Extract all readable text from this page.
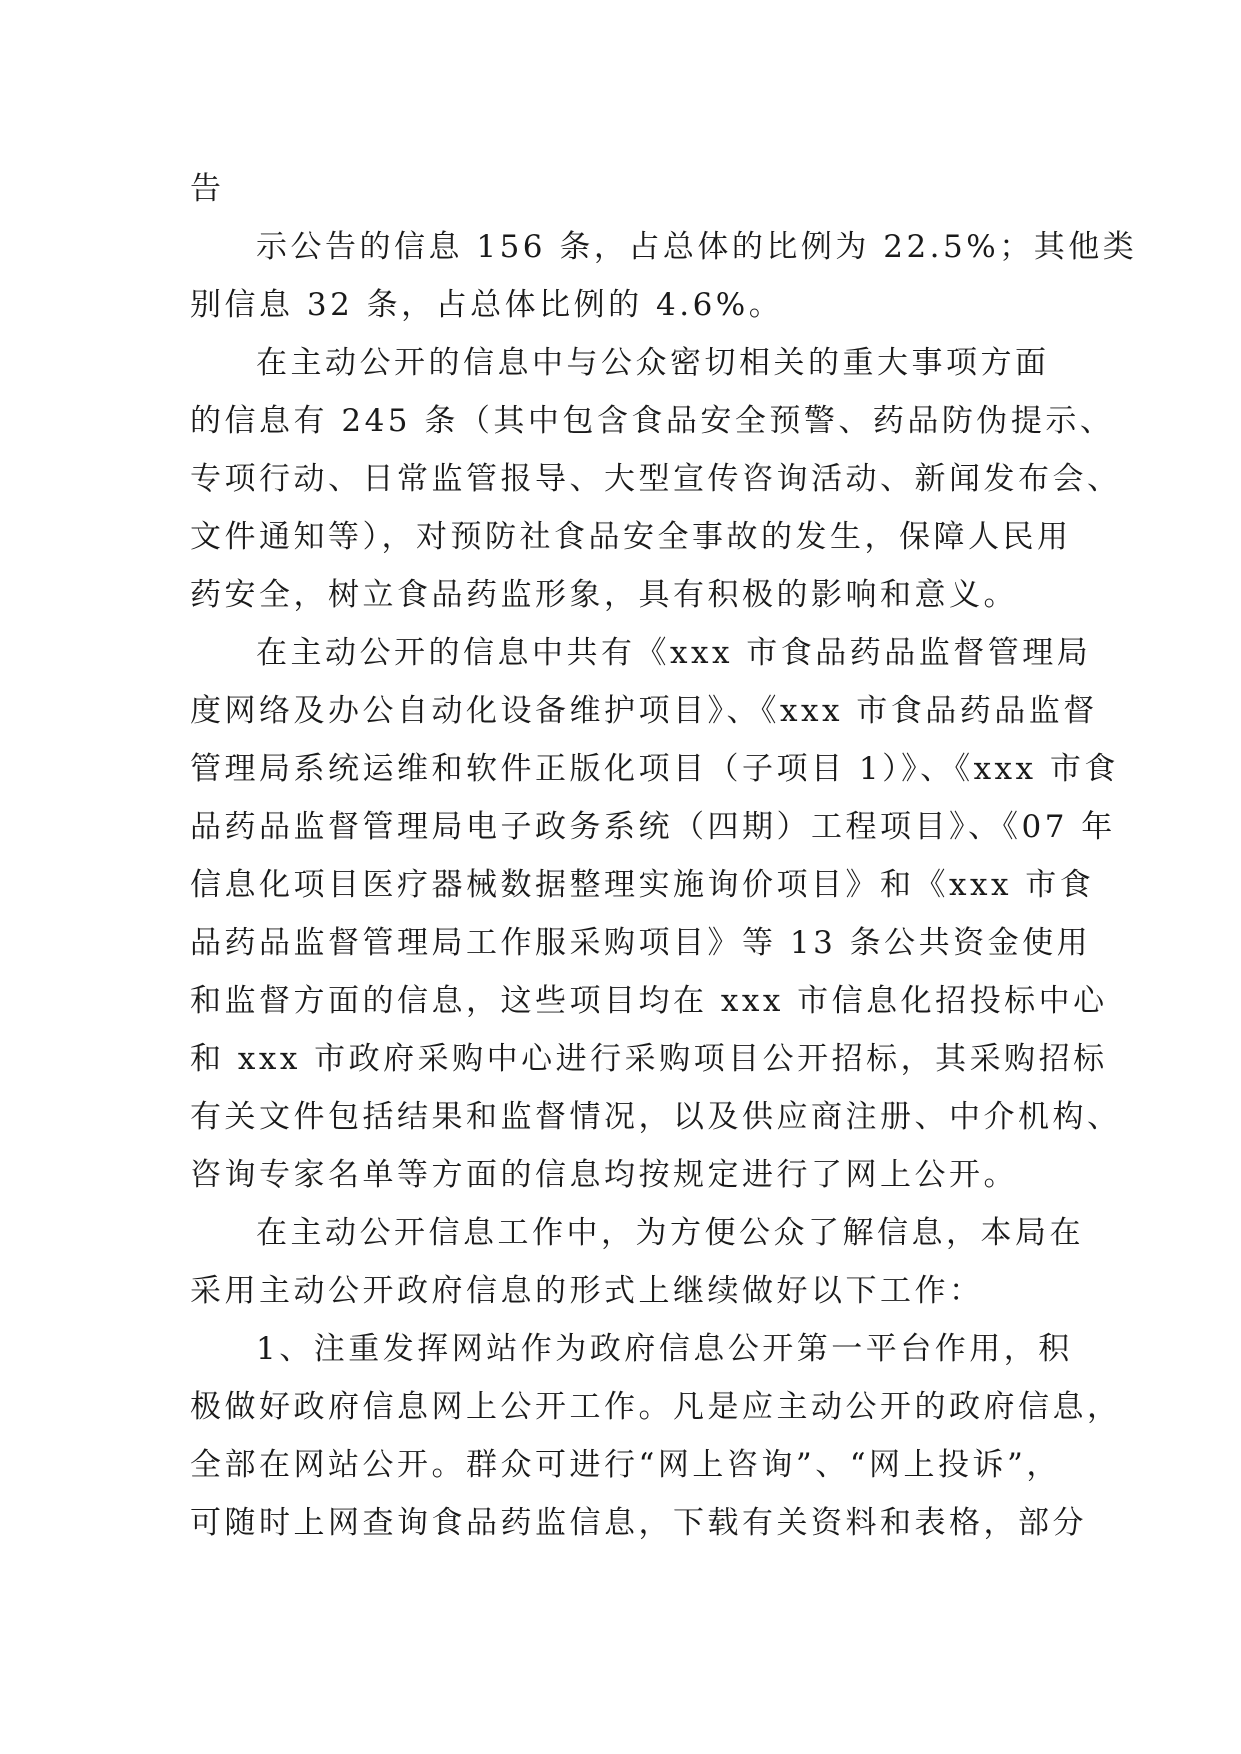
告
示公告的信息 156 条，占总体的比例为 22.5%；其他类
别信息 32 条，占总体比例的 4.6%。
在主动公开的信息中与公众密切相关的重大事项方面
的信息有 245 条（其中包含食品安全预警、药品防伪提示、
专项行动、日常监管报导、大型宣传咨询活动、新闻发布会、
文件通知等），对预防社食品安全事故的发生，保障人民用
药安全，树立食品药监形象，具有积极的影响和意义。
在主动公开的信息中共有《xxx 市食品药品监督管理局
度网络及办公自动化设备维护项目》、《xxx 市食品药品监督
管理局系统运维和软件正版化项目（子项目 1）》、《xxx 市食
品药品监督管理局电子政务系统（四期）工程项目》、《07 年
信息化项目医疗器械数据整理实施询价项目》和《xxx 市食
品药品监督管理局工作服采购项目》等 13 条公共资金使用
和监督方面的信息，这些项目均在 xxx 市信息化招投标中心
和 xxx 市政府采购中心进行采购项目公开招标，其采购招标
有关文件包括结果和监督情况，以及供应商注册、中介机构、
咨询专家名单等方面的信息均按规定进行了网上公开。
在主动公开信息工作中，为方便公众了解信息，本局在
采用主动公开政府信息的形式上继续做好以下工作：
1、注重发挥网站作为政府信息公开第一平台作用，积
极做好政府信息网上公开工作。凡是应主动公开的政府信息，
全部在网站公开。群众可进行“网上咨询”、“网上投诉”，
可随时上网查询食品药监信息，下载有关资料和表格，部分
